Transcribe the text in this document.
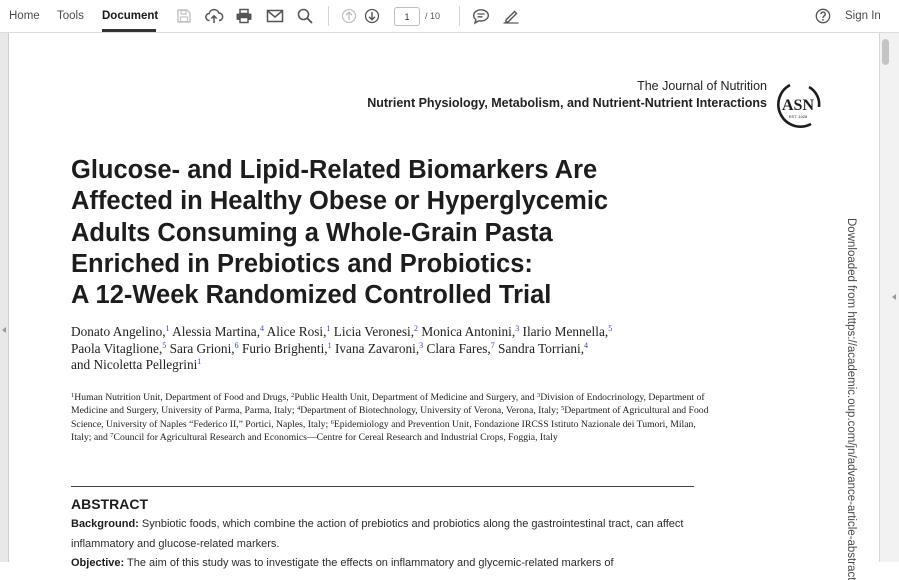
Home Tools Document
1	/ 10	Sign In
The Journal of Nutrition
Nutrient Physiology, Metabolism, and Nutrient-Nutrient Interactions ASN
EST. 1928
Glucose- and Lipid-Related Biomarkers Are
Affected in Healthy Obese or Hyperglycemic
Adults Consuming a Whole-Grain Pasta
Enriched in Prebiotics and Probiotics:
A 12-Week Randomized Controlled Trial
Donato Angelino,$^1$ Alessia Martina,$^4$ Alice Rosi,$^1$ Licia Veronesi,$^2$ Monica Antonini,$^3$ Ilario Mennella,$^5$
Paola Vitaglione,$^5$ Sara Grioni,$^6$ Furio Brighenti,$^1$ Ivana Zavaroni,$^3$ Clara Fares,$^7$ Sandra Torriani,$^4$
and Nicoletta Pellegrini$^1$
$^1$Human Nutrition Unit, Department of Food and Drugs, $^2$Public Health Unit, Department of Medicine and Surgery, and $^3$Division of Endocrinology, Department of Medicine and Surgery, University of Parma, Parma, Italy; $^4$Department of Biotechnology, University of Verona, Verona, Italy; $^5$Department of Agricultural and Food Science, University of Naples “Federico II,” Portici, Naples, Italy; $^6$Epidemiology and Prevention Unit, Fondazione IRCSS Istituto Nazionale dei Tumori, Milan, Italy; and $^7$Council for Agricultural Research and Economics—Centre for Cereal Research and Industrial Crops, Foggia, Italy
ABSTRACT
Background: Synbiotic foods, which combine the action of prebiotics and probiotics along the gastrointestinal tract, can affect inflammatory and glucose-related markers.
Objective: The aim of this study was to investigate the effects on inflammatory and glycemic-related markers of	Downloaded from https://academic.oup.com/jn/advance-article-abstract
